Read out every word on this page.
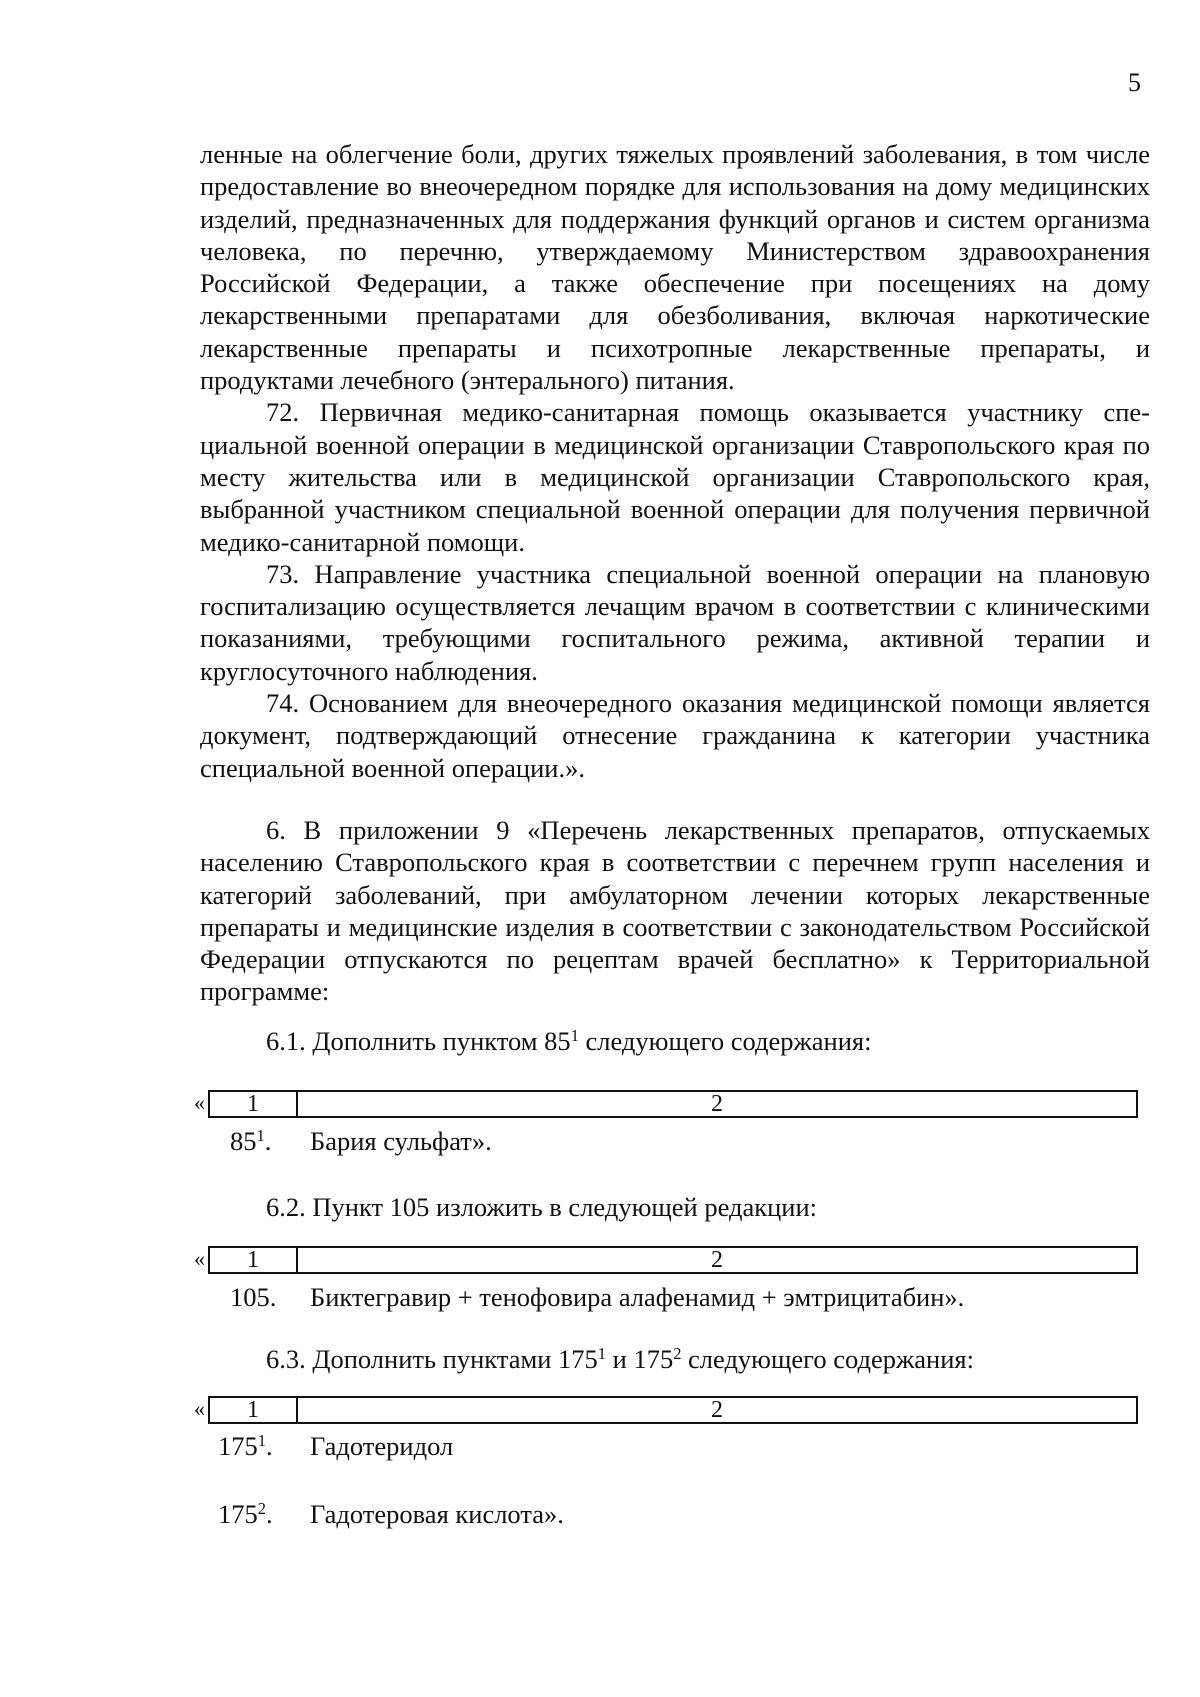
5

ленные на облегчение боли, других тяжелых проявлений заболевания, в том числе предоставление во внеочередном порядке для использования на дому медицинских изделий, предназначенных для поддержания функций органов и систем организма человека, по перечню, утверждаемому Министерством здравоохранения Российской Федерации, а также обеспечение при посещениях на дому лекарственными препаратами для обезболивания, включая наркотические лекарственные препараты и психотропные лекарственные препараты, и продуктами лечебного (энтерального) питания.

72. Первичная медико-санитарная помощь оказывается участнику специальной военной операции в медицинской организации Ставропольского края по месту жительства или в медицинской организации Ставропольского края, выбранной участником специальной военной операции для получения первичной медико-санитарной помощи.

73. Направление участника специальной военной операции на плановую госпитализацию осуществляется лечащим врачом в соответствии с клиническими показаниями, требующими госпитального режима, активной терапии и круглосуточного наблюдения.

74. Основанием для внеочередного оказания медицинской помощи является документ, подтверждающий отнесение гражданина к категории участника специальной военной операции.».

6. В приложении 9 «Перечень лекарственных препаратов, отпускаемых населению Ставропольского края в соответствии с перечнем групп населения и категорий заболеваний, при амбулаторном лечении которых лекарственные препараты и медицинские изделия в соответствии с законодательством Российской Федерации отпускаются по рецептам врачей бесплатно» к Территориальной программе:

6.1. Дополнить пунктом $85^1$ следующего содержания:
«	1	2
$85^1$. Бария сульфат».
6.2. Пункт 105 изложить в следующей редакции:
«	1	2
105. Биктегравир + тенофовира алафенамид + эмтрицитабин».
6.3. Дополнить пунктами $175^1$ и $175^2$ следующего содержания:
«	1	2
$175^1$. Гадотеридол
$175^2$. Гадотеровая кислота».
